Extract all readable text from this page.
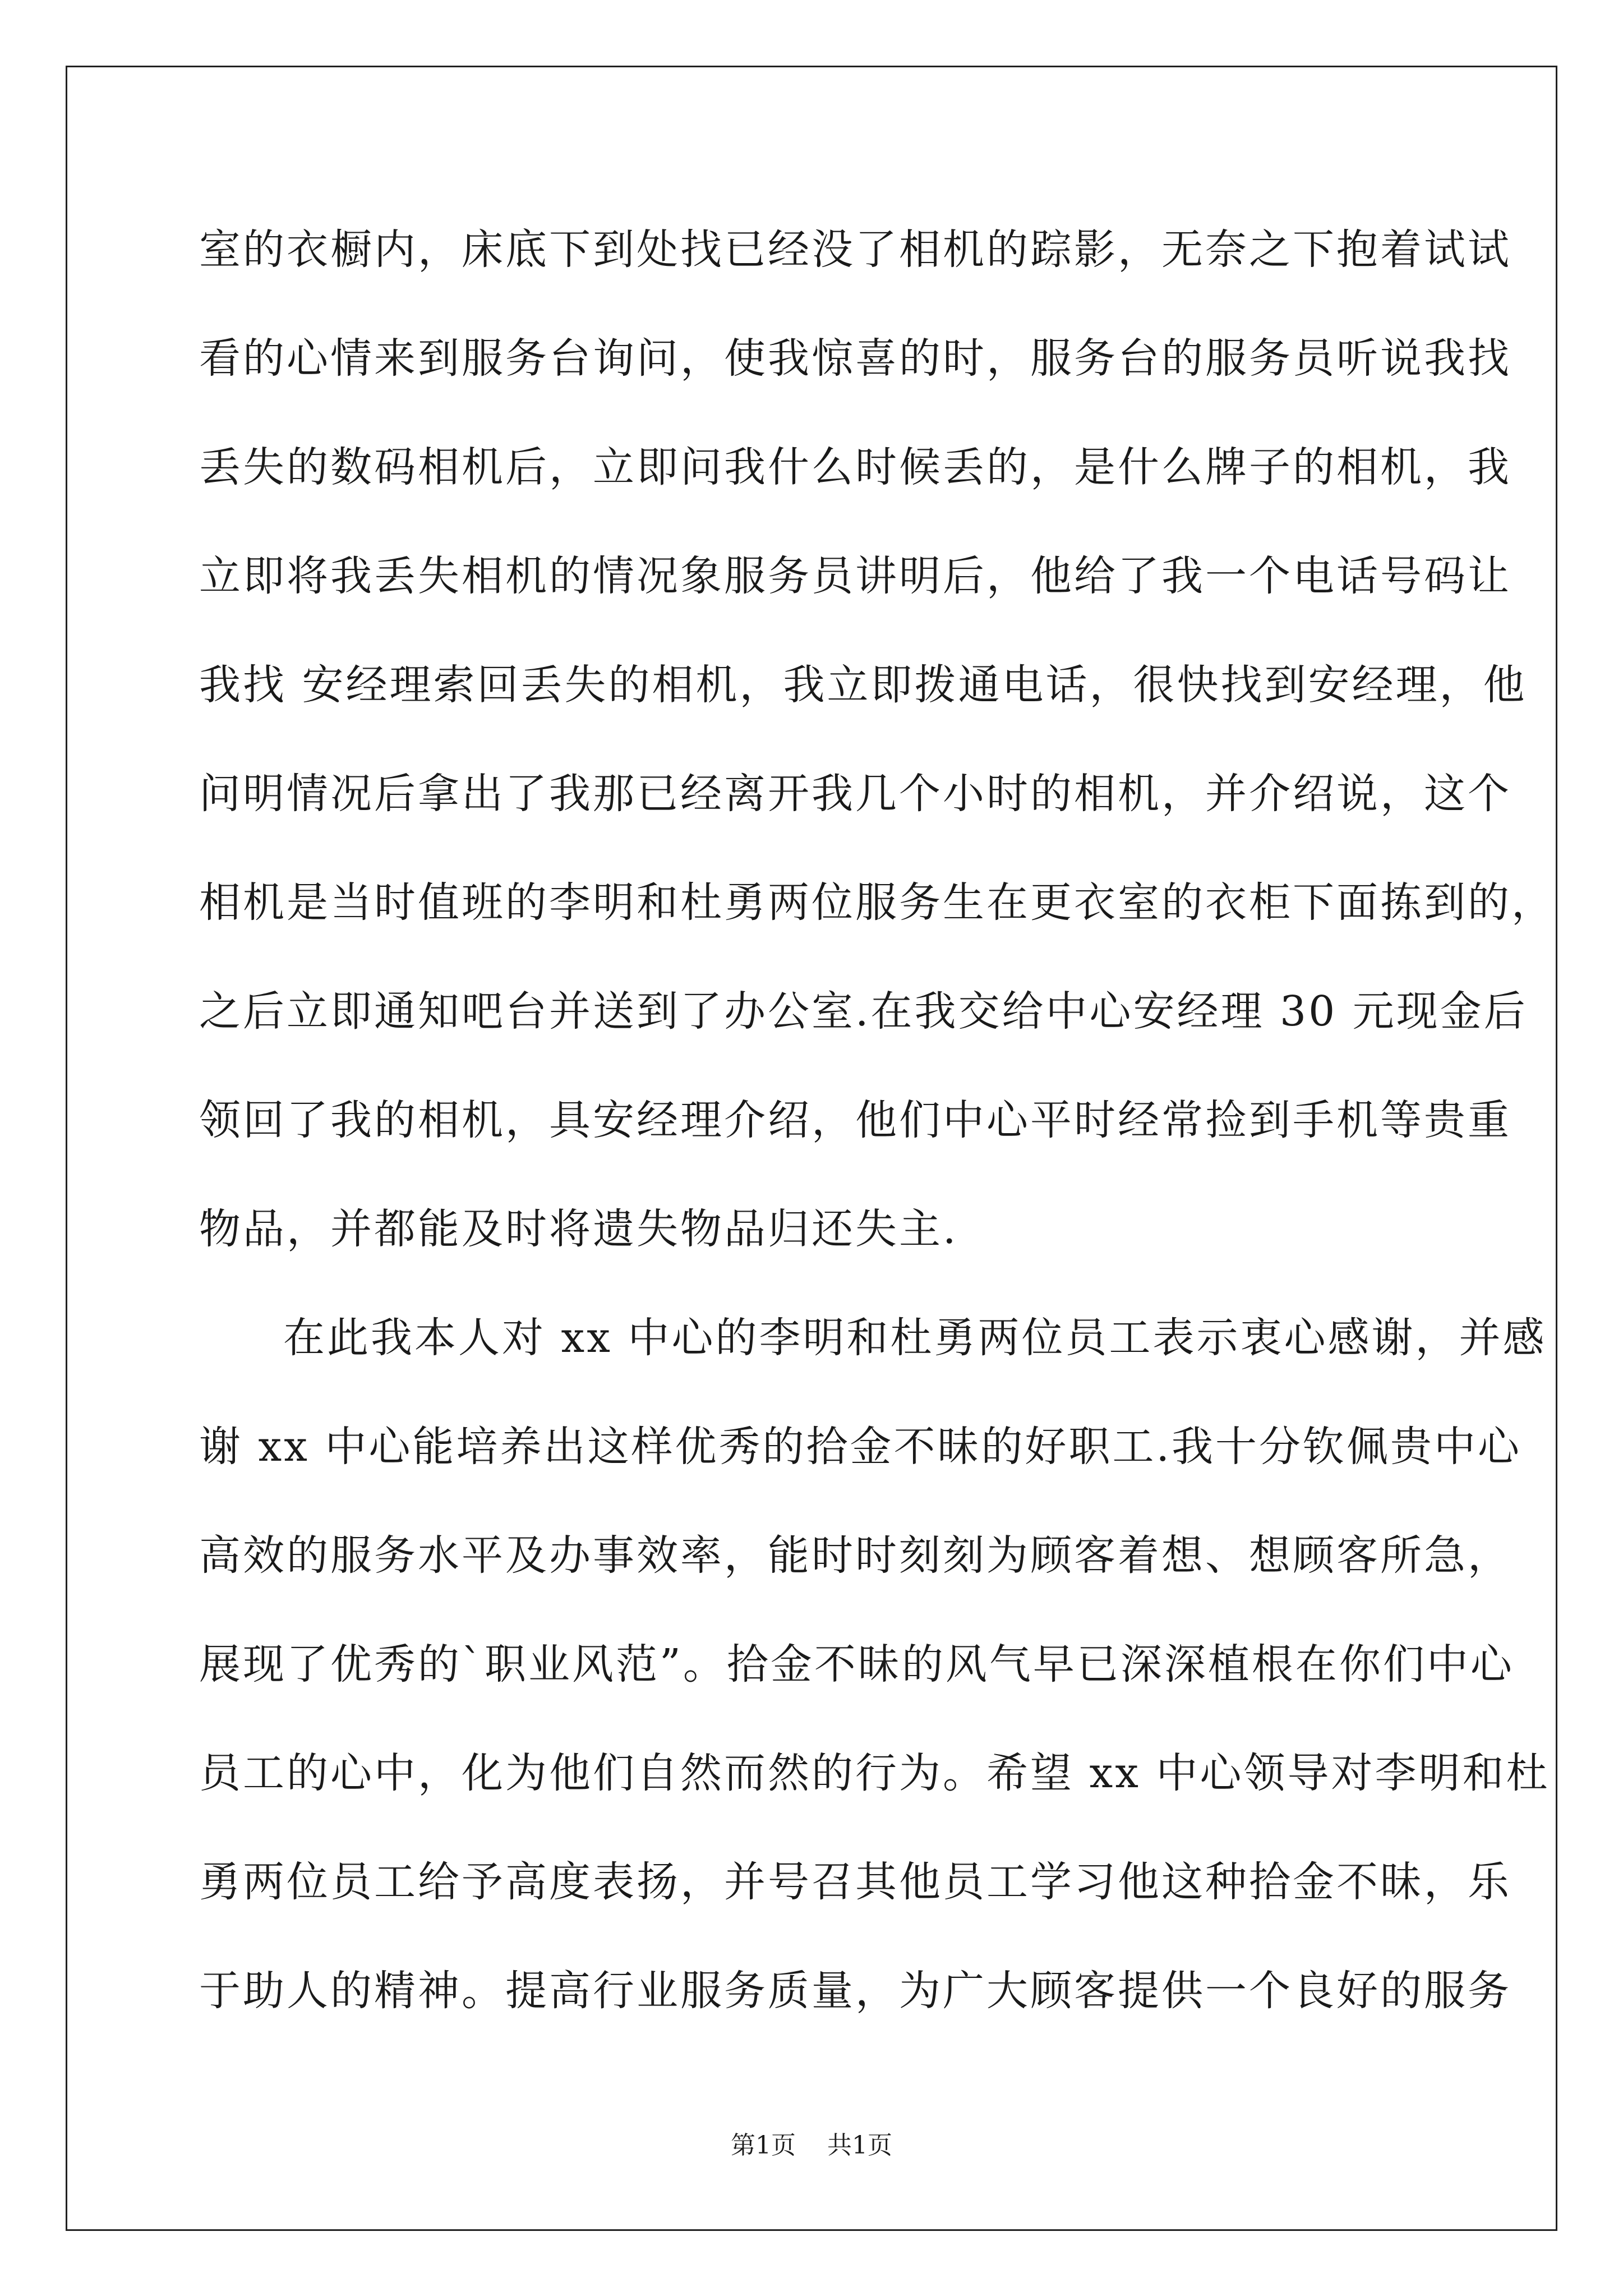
室的衣橱内，床底下到处找已经没了相机的踪影，无奈之下抱着试试
看的心情来到服务台询问，使我惊喜的时，服务台的服务员听说我找
丢失的数码相机后，立即问我什么时候丢的，是什么牌子的相机，我
立即将我丢失相机的情况象服务员讲明后，他给了我一个电话号码让
我找 安经理索回丢失的相机，我立即拨通电话，很快找到安经理，他
问明情况后拿出了我那已经离开我几个小时的相机，并介绍说，这个
相机是当时值班的李明和杜勇两位服务生在更衣室的衣柜下面拣到的，
之后立即通知吧台并送到了办公室.在我交给中心安经理 30 元现金后
领回了我的相机，具安经理介绍，他们中心平时经常捡到手机等贵重
物品，并都能及时将遗失物品归还失主.
在此我本人对 xx 中心的李明和杜勇两位员工表示衷心感谢，并感
谢 xx 中心能培养出这样优秀的拾金不昧的好职工.我十分钦佩贵中心
高效的服务水平及办事效率，能时时刻刻为顾客着想、想顾客所急，
展现了优秀的`职业风范”。拾金不昧的风气早已深深植根在你们中心
员工的心中，化为他们自然而然的行为。希望 xx 中心领导对李明和杜
勇两位员工给予高度表扬，并号召其他员工学习他这种拾金不昧，乐
于助人的精神。提高行业服务质量，为广大顾客提供一个良好的服务
第1页 共1页
